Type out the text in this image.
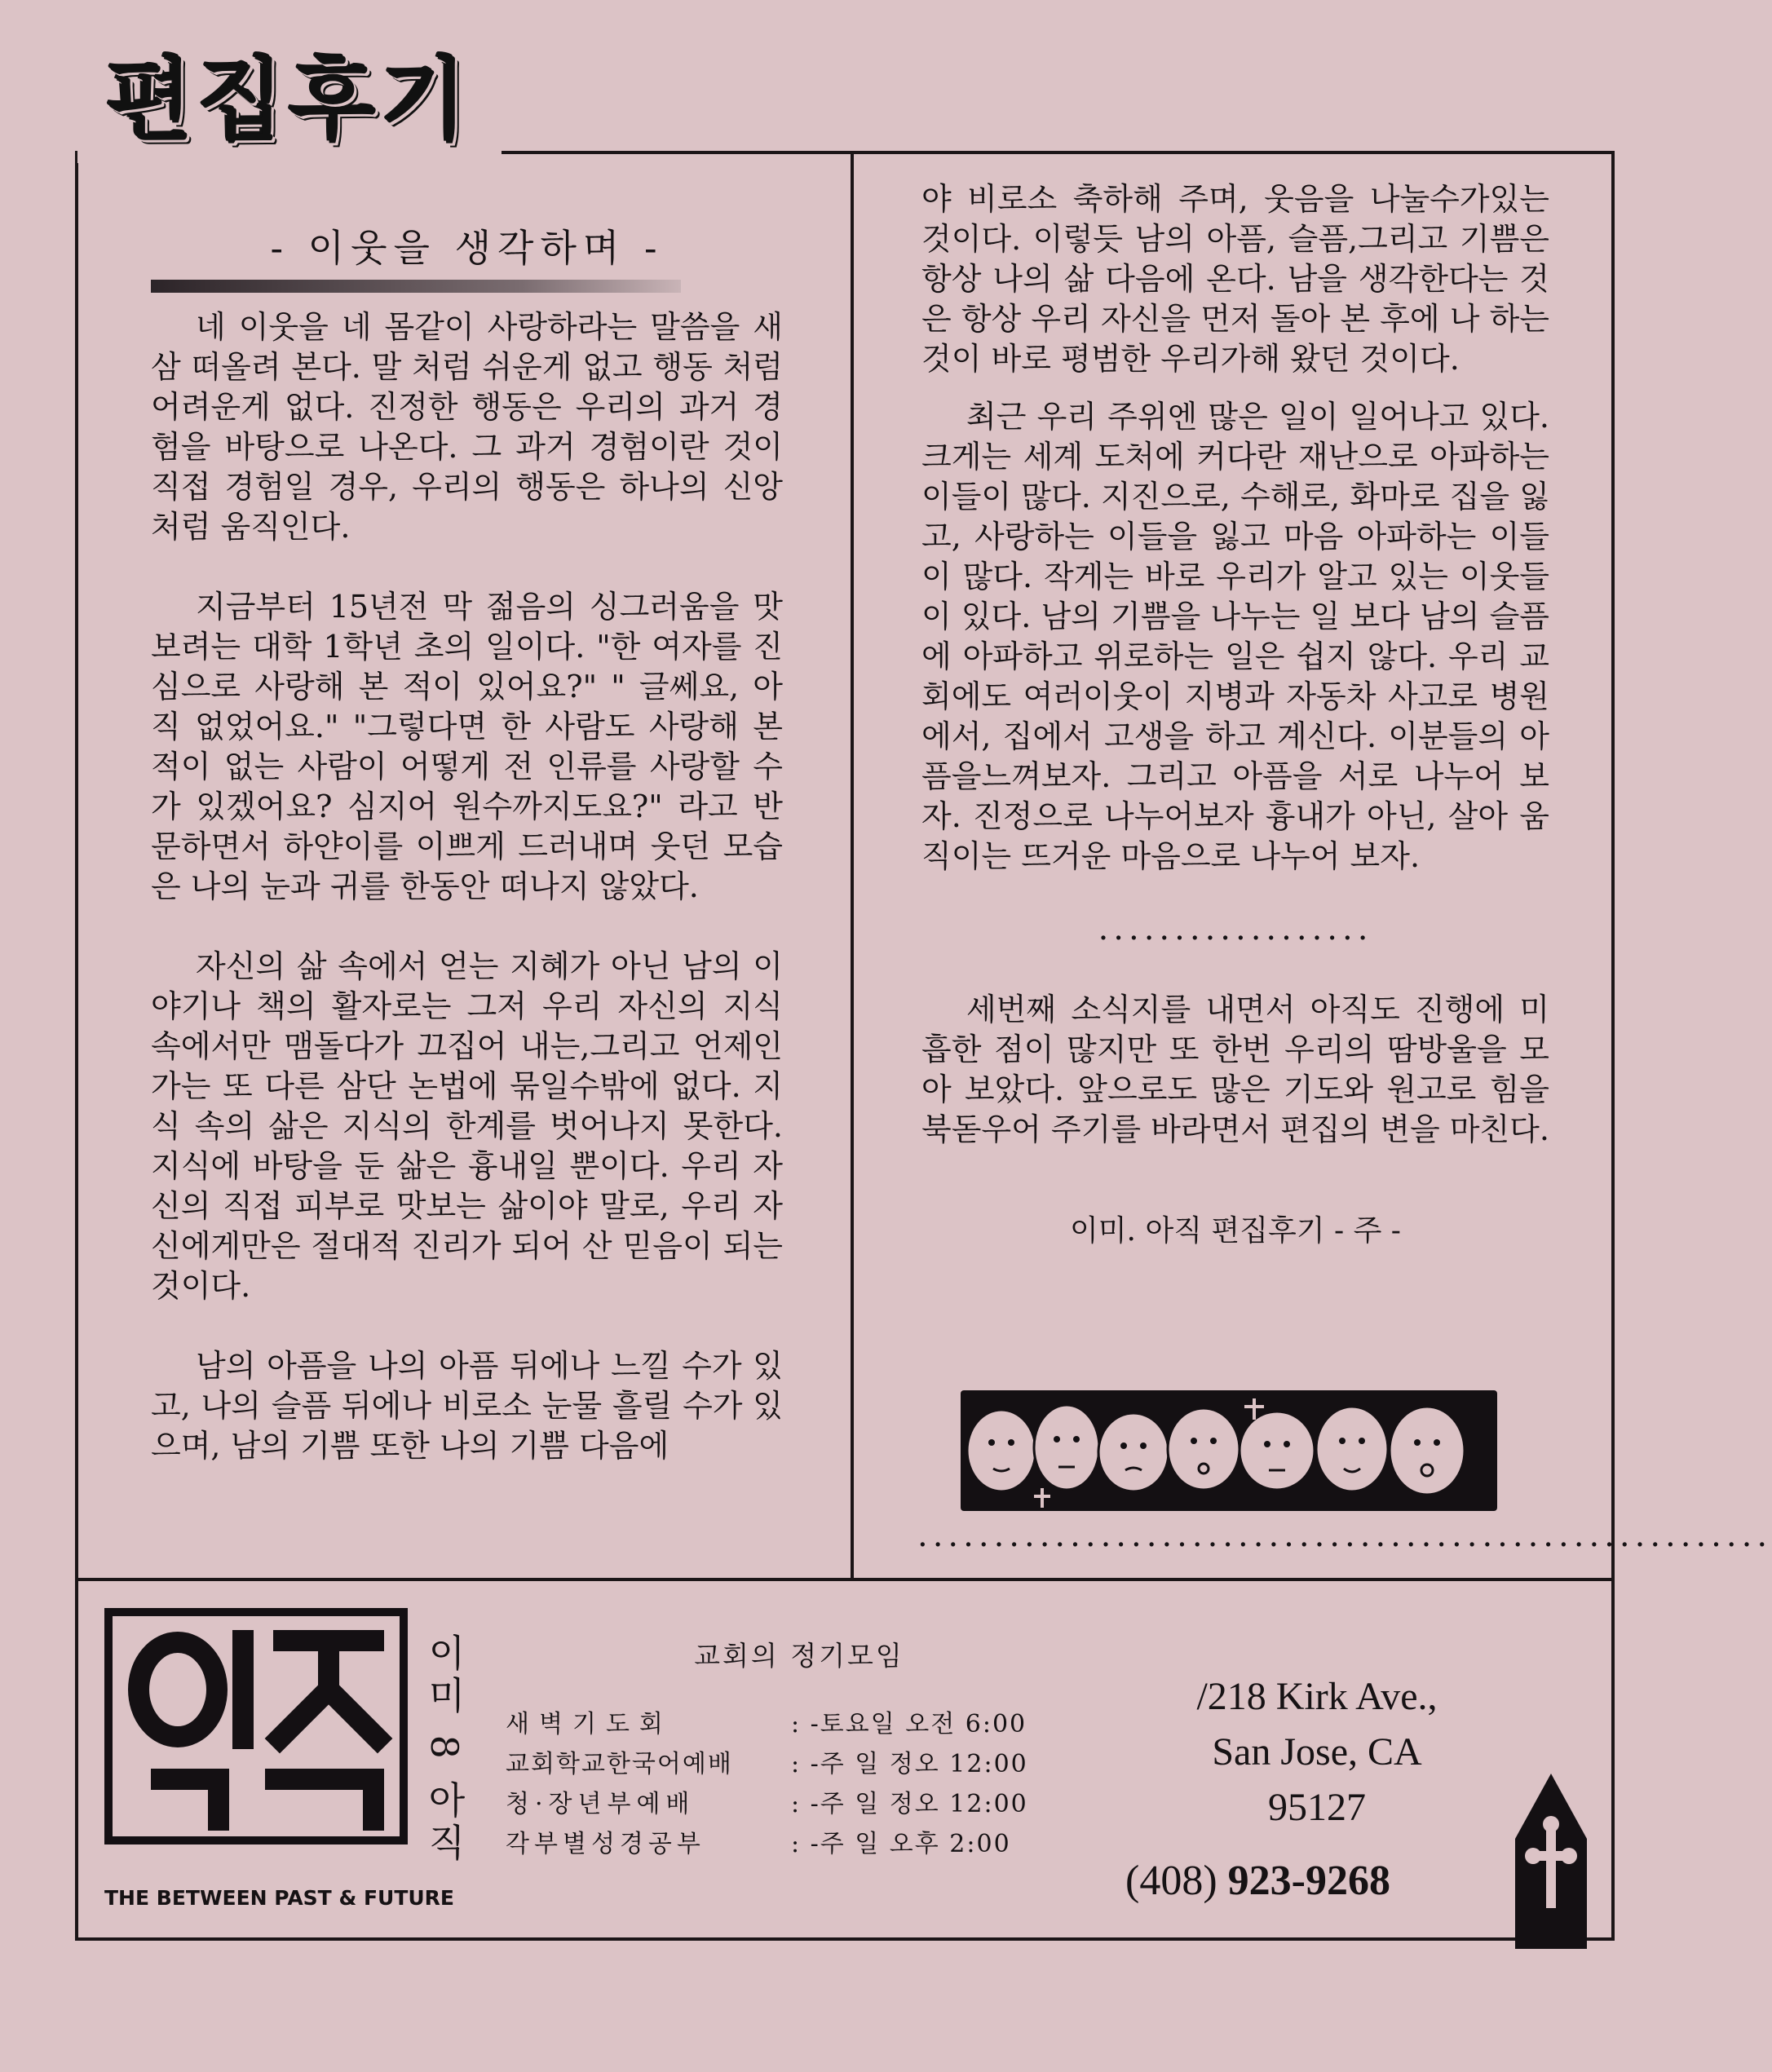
편집후기
- 이웃을 생각하며 -

네 이웃을 네 몸같이 사랑하라는 말씀을 새삼 떠올려 본다. 말 처럼 쉬운게 없고 행동 처럼 어려운게 없다. 진정한 행동은 우리의 과거 경험을 바탕으로 나온다. 그 과거 경험이란 것이 직접 경험일 경우, 우리의 행동은 하나의 신앙처럼 움직인다.

지금부터 15년전 막 젊음의 싱그러움을 맛보려는 대학 1학년 초의 일이다. "한 여자를 진심으로 사랑해 본 적이 있어요?" " 글쎄요, 아직 없었어요." "그렇다면 한 사람도 사랑해 본 적이 없는 사람이 어떻게 전 인류를 사랑할 수가 있겠어요? 심지어 원수까지도요?" 라고 반문하면서 하얀이를 이쁘게 드러내며 웃던 모습은 나의 눈과 귀를 한동안 떠나지 않았다.

자신의 삶 속에서 얻는 지혜가 아닌 남의 이야기나 책의 활자로는 그저 우리 자신의 지식 속에서만 맴돌다가 끄집어 내는,그리고 언제인가는 또 다른 삼단 논법에 묶일수밖에 없다. 지식 속의 삶은 지식의 한계를 벗어나지 못한다. 지식에 바탕을 둔 삶은 흉내일 뿐이다. 우리 자신의 직접 피부로 맛보는 삶이야 말로, 우리 자신에게만은 절대적 진리가 되어 산 믿음이 되는 것이다.

남의 아픔을 나의 아픔 뒤에나 느낄 수가 있고, 나의 슬픔 뒤에나 비로소 눈물 흘릴 수가 있으며, 남의 기쁨 또한 나의 기쁨 다음에

야 비로소 축하해 주며, 웃음을 나눌수가있는 것이다. 이렇듯 남의 아픔, 슬픔,그리고 기쁨은 항상 나의 삶 다음에 온다. 남을 생각한다는 것은 항상 우리 자신을 먼저 돌아 본 후에 나 하는 것이 바로 평범한 우리가해 왔던 것이다.

최근 우리 주위엔 많은 일이 일어나고 있다. 크게는 세계 도처에 커다란 재난으로 아파하는 이들이 많다. 지진으로, 수해로, 화마로 집을 잃고, 사랑하는 이들을 잃고 마음 아파하는 이들이 많다. 작게는 바로 우리가 알고 있는 이웃들이 있다. 남의 기쁨을 나누는 일 보다 남의 슬픔에 아파하고 위로하는 일은 쉽지 않다. 우리 교회에도 여러이웃이 지병과 자동차 사고로 병원에서, 집에서 고생을 하고 계신다. 이분들의 아픔을느껴보자. 그리고 아픔을 서로 나누어 보자. 진정으로 나누어보자 흉내가 아닌, 살아 움직이는 뜨거운 마음으로 나누어 보자.

..................

세번째 소식지를 내면서 아직도 진행에 미흡한 점이 많지만 또 한번 우리의 땀방울을 모아 보았다. 앞으로도 많은 기도와 원고로 힘을 북돋우어 주기를 바라면서 편집의 변을 마친다.

이미. 아직 편집후기 - 주 -
........................................................
THE BETWEEN PAST & FUTURE
이미 8 아직	교회의 정기모임
새벽기도회	: -토요일 오전 6:00
교회학교한국어예배	: -주 일 정오 12:00
청·장년부예배	: -주 일 정오 12:00
각부별성경공부	: -주 일 오후 2:00
/218 Kirk Ave.,
San Jose, CA
95127
(408) 923-9268
